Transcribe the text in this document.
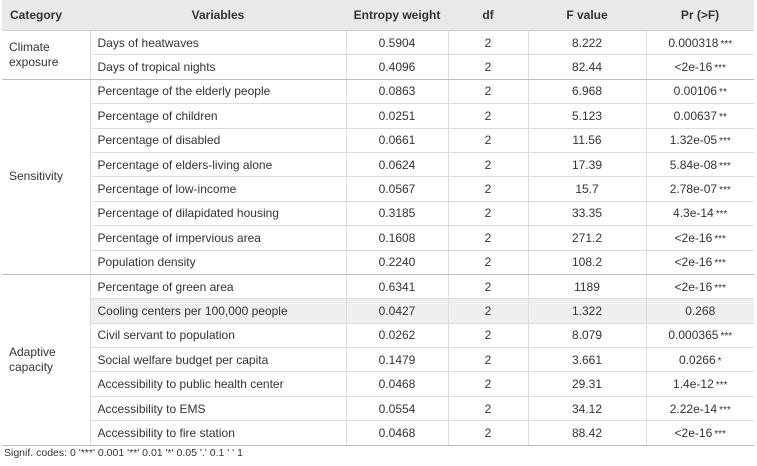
Category	Variables	Entropy weight	df	F value	Pr (>F)
Climate exposure	Days of heatwaves	0.5904	2	8.222	0.000318 ***
	Days of tropical nights	0.4096	2	82.44	<2e-16 ***
Sensitivity	Percentage of the elderly people	0.0863	2	6.968	0.00106 **
	Percentage of children	0.0251	2	5.123	0.00637 **
	Percentage of disabled	0.0661	2	11.56	1.32e-05 ***
	Percentage of elders-living alone	0.0624	2	17.39	5.84e-08 ***
	Percentage of low-income	0.0567	2	15.7	2.78e-07 ***
	Percentage of dilapidated housing	0.3185	2	33.35	4.3e-14 ***
	Percentage of impervious area	0.1608	2	271.2	<2e-16 ***
	Population density	0.2240	2	108.2	<2e-16 ***
Adaptive capacity	Percentage of green area	0.6341	2	1189	<2e-16 ***
	Cooling centers per 100,000 people	0.0427	2	1.322	0.268
	Civil servant to population	0.0262	2	8.079	0.000365 ***
	Social welfare budget per capita	0.1479	2	3.661	0.0266 *
	Accessibility to public health center	0.0468	2	29.31	1.4e-12 ***
	Accessibility to EMS	0.0554	2	34.12	2.22e-14 ***
	Accessibility to fire station	0.0468	2	88.42	<2e-16 ***
Signif. codes: 0 '***' 0.001 '**' 0.01 '*' 0.05 '.' 0.1 ' ' 1
